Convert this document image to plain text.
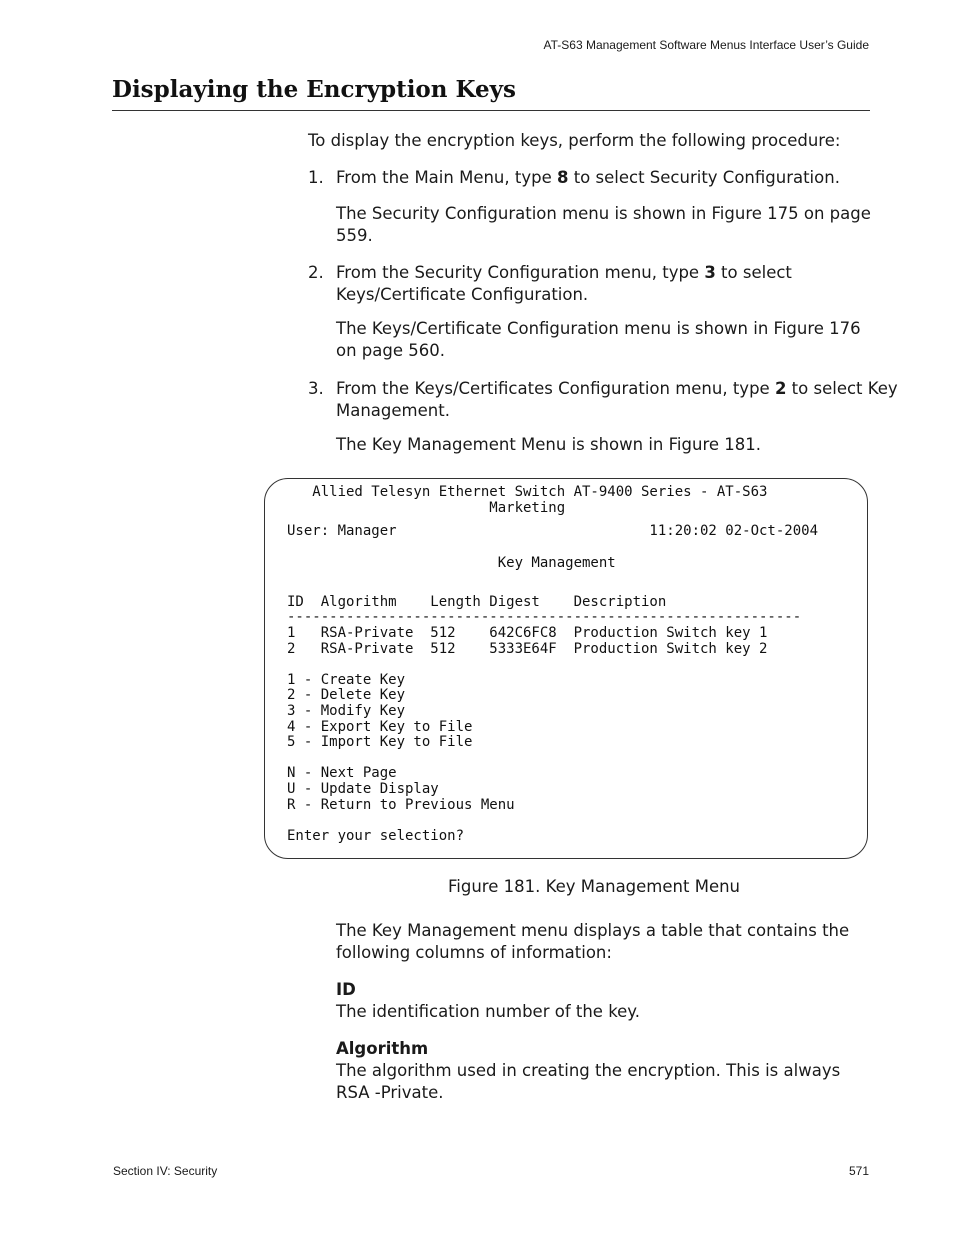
AT-S63 Management Software Menus Interface User’s Guide
Displaying the Encryption Keys
To display the encryption keys, perform the following procedure:
1. From the Main Menu, type 8 to select Security Configuration.
The Security Configuration menu is shown in Figure 175 on page
559.
2. From the Security Configuration menu, type 3 to select
Keys/Certificate Configuration.
The Keys/Certificate Configuration menu is shown in Figure 176
on page 560.
3. From the Keys/Certificates Configuration menu, type 2 to select Key
Management.
The Key Management Menu is shown in Figure 181.
Allied Telesyn Ethernet Switch AT-9400 Series - AT-S63
Marketing
User: Manager                              11:20:02 02-Oct-2004
Key Management
ID  Algorithm    Length Digest    Description
-------------------------------------------------------------
1   RSA-Private  512    642C6FC8  Production Switch key 1
2   RSA-Private  512    5333E64F  Production Switch key 2
1 - Create Key
2 - Delete Key
3 - Modify Key
4 - Export Key to File
5 - Import Key to File
N - Next Page
U - Update Display
R - Return to Previous Menu
Enter your selection?
Figure 181. Key Management Menu
The Key Management menu displays a table that contains the
following columns of information:
ID
The identification number of the key.
Algorithm
The algorithm used in creating the encryption. This is always
RSA -Private.
Section IV: Security	571
